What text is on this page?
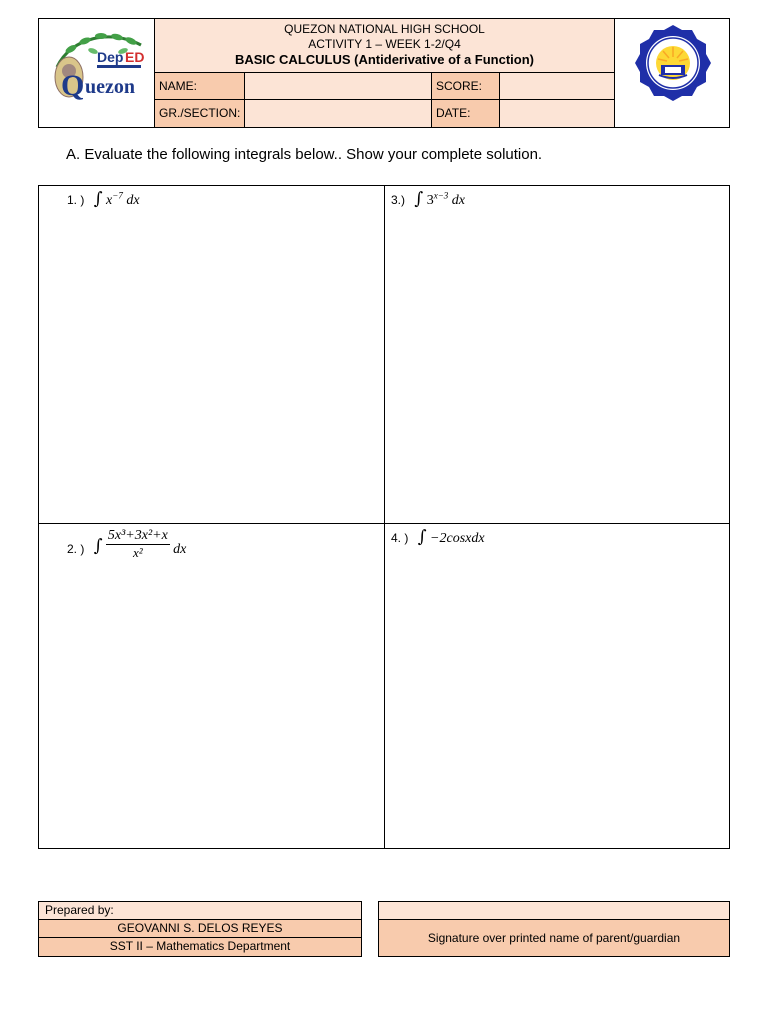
Dep ED
Q uezon
QUEZON NATIONAL HIGH SCHOOL
ACTIVITY 1 – WEEK 1-2/Q4
BASIC CALCULUS (Antiderivative of a Function)
NAME:	SCORE:
GR./SECTION:	DATE:
A. Evaluate the following integrals below.. Show your complete solution.
1. ) ∫ $x^{-7}$ dx	3.) ∫ $3^{x-3}$ dx
2. ) ∫ $\frac{\text{5x³+3x²+x}}{\text{x²}}$ dx
4. ) ∫ −2cosxdx
Prepared by:
GEOVANNI S. DELOS REYES
SST II – Mathematics Department
Signature over printed name of parent/guardian
